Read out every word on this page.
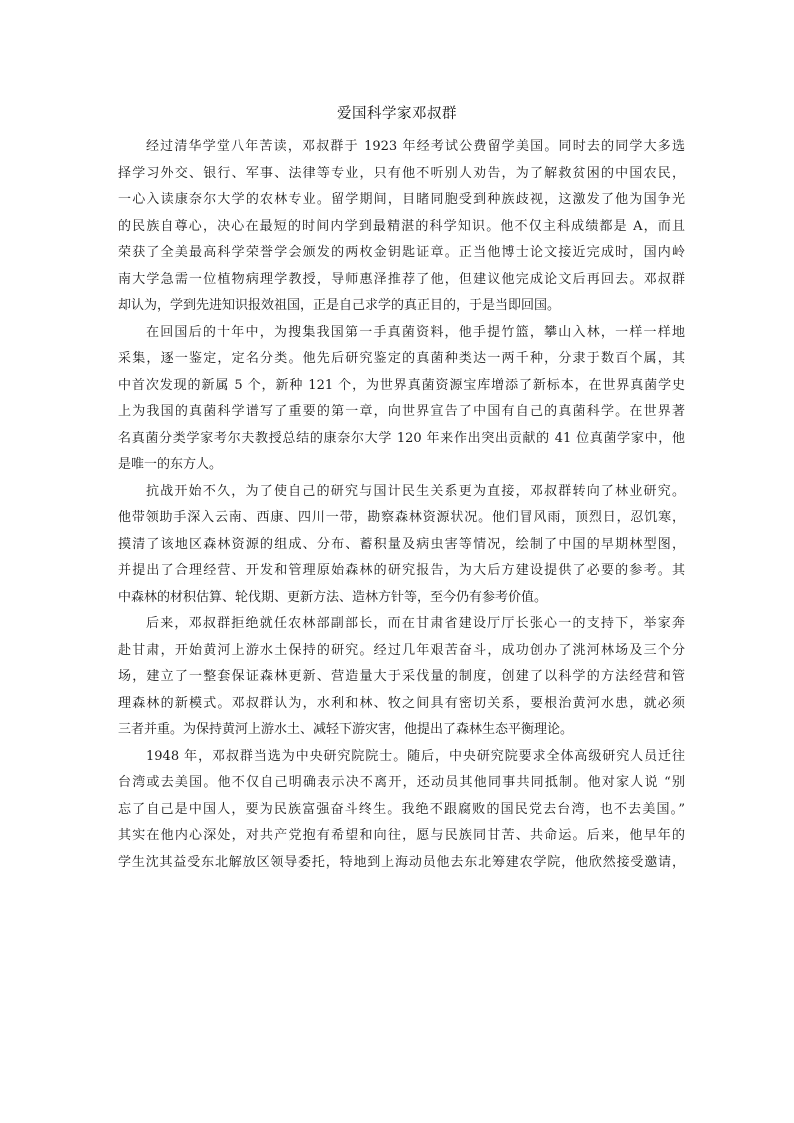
爱国科学家邓叔群
经过清华学堂八年苦读，邓叔群于 1923 年经考试公费留学美国。同时去的同学大多选
择学习外交、银行、军事、法律等专业，只有他不听别人劝告，为了解救贫困的中国农民，
一心入读康奈尔大学的农林专业。留学期间，目睹同胞受到种族歧视，这激发了他为国争光
的民族自尊心，决心在最短的时间内学到最精湛的科学知识。他不仅主科成绩都是 A，而且
荣获了全美最高科学荣誉学会颁发的两枚金钥匙证章。正当他博士论文接近完成时，国内岭
南大学急需一位植物病理学教授，导师惠泽推荐了他，但建议他完成论文后再回去。邓叔群
却认为，学到先进知识报效祖国，正是自己求学的真正目的，于是当即回国。
在回国后的十年中，为搜集我国第一手真菌资料，他手提竹篮，攀山入林，一样一样地
采集，逐一鉴定，定名分类。他先后研究鉴定的真菌种类达一两千种，分隶于数百个属，其
中首次发现的新属 5 个，新种 121 个，为世界真菌资源宝库增添了新标本，在世界真菌学史
上为我国的真菌科学谱写了重要的第一章，向世界宣告了中国有自己的真菌科学。在世界著
名真菌分类学家考尔夫教授总结的康奈尔大学 120 年来作出突出贡献的 41 位真菌学家中，他
是唯一的东方人。
抗战开始不久，为了使自己的研究与国计民生关系更为直接，邓叔群转向了林业研究。
他带领助手深入云南、西康、四川一带，勘察森林资源状况。他们冒风雨，顶烈日，忍饥寒，
摸清了该地区森林资源的组成、分布、蓄积量及病虫害等情况，绘制了中国的早期林型图，
并提出了合理经营、开发和管理原始森林的研究报告，为大后方建设提供了必要的参考。其
中森林的材积估算、轮伐期、更新方法、造林方针等，至今仍有参考价值。
后来，邓叔群拒绝就任农林部副部长，而在甘肃省建设厅厅长张心一的支持下，举家奔
赴甘肃，开始黄河上游水土保持的研究。经过几年艰苦奋斗，成功创办了洮河林场及三个分
场，建立了一整套保证森林更新、营造量大于采伐量的制度，创建了以科学的方法经营和管
理森林的新模式。邓叔群认为，水利和林、牧之间具有密切关系，要根治黄河水患，就必须
三者并重。为保持黄河上游水土、减轻下游灾害，他提出了森林生态平衡理论。
1948 年，邓叔群当选为中央研究院院士。随后，中央研究院要求全体高级研究人员迁往
台湾或去美国。他不仅自己明确表示决不离开，还动员其他同事共同抵制。他对家人说 “别
忘了自己是中国人，要为民族富强奋斗终生。我绝不跟腐败的国民党去台湾，也不去美国。”
其实在他内心深处，对共产党抱有希望和向往，愿与民族同甘苦、共命运。后来，他早年的
学生沈其益受东北解放区领导委托，特地到上海动员他去东北筹建农学院，他欣然接受邀请，
